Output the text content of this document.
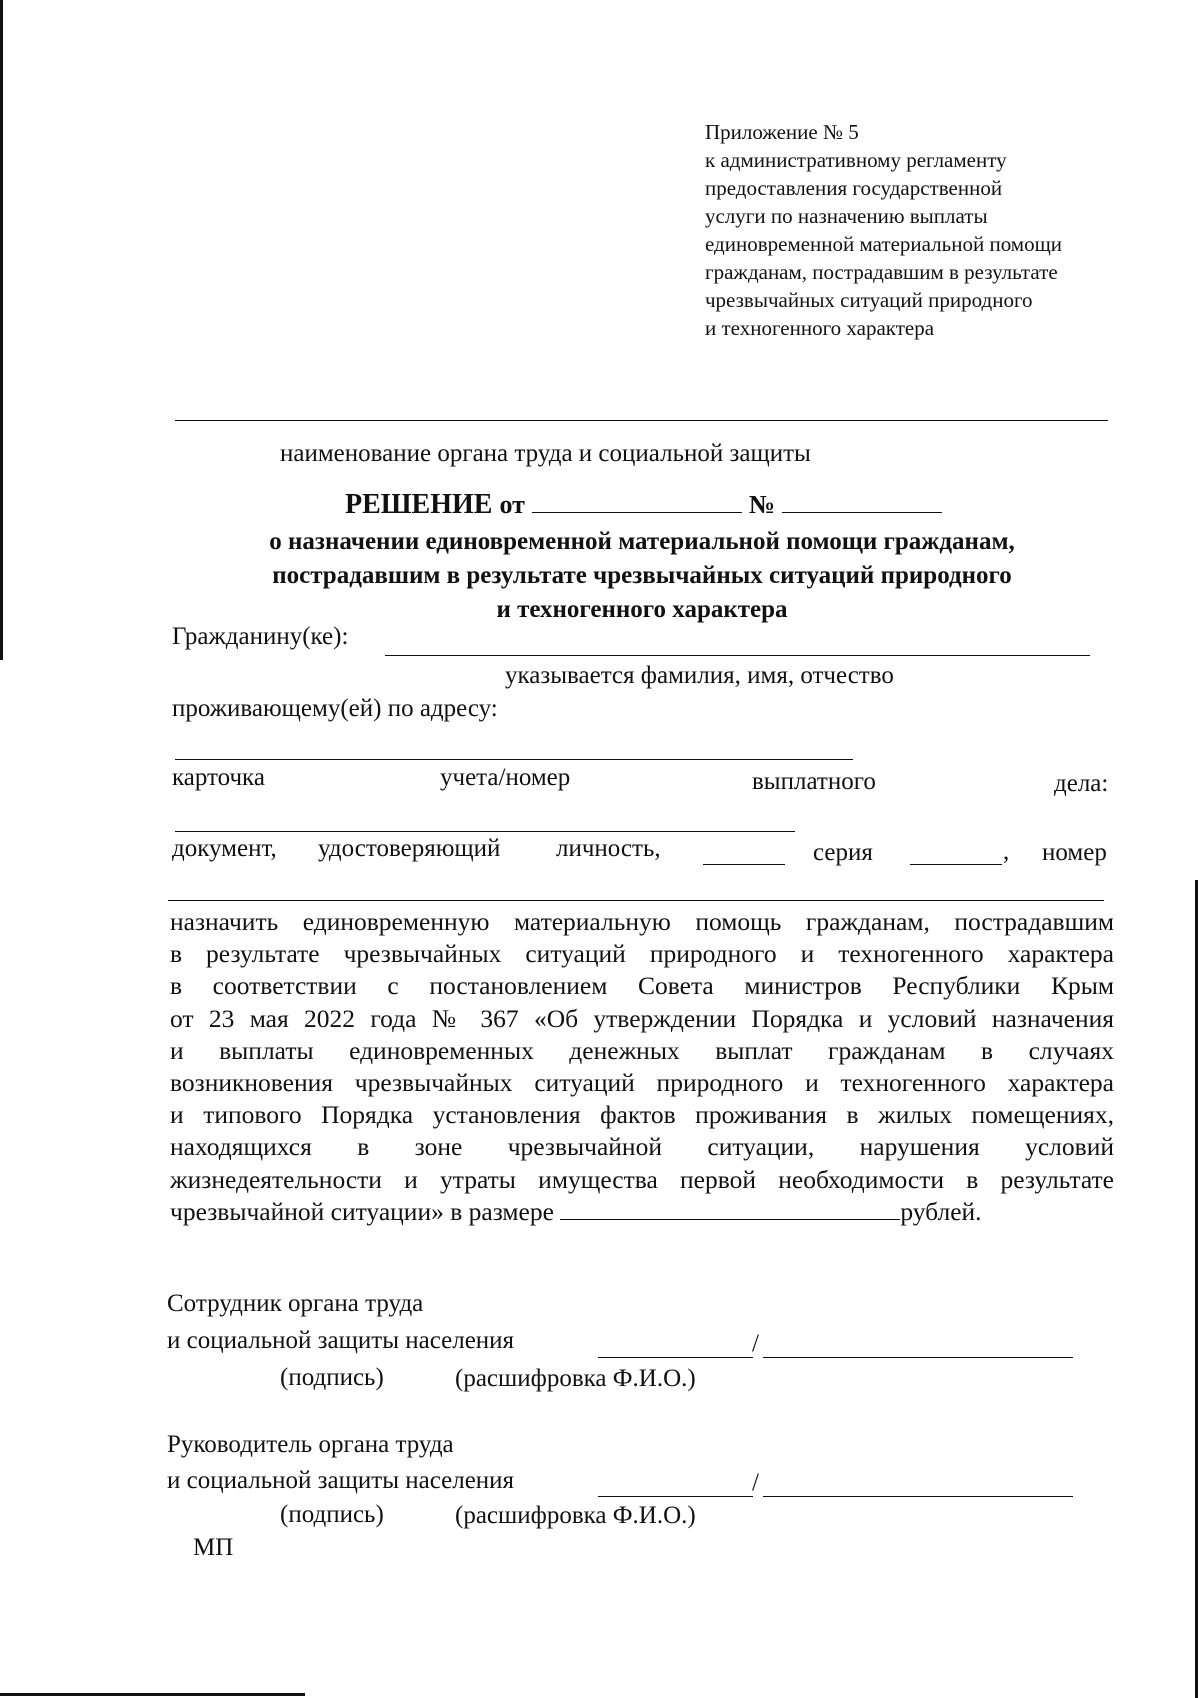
Приложение № 5
к административному регламенту
предоставления государственной
услуги по назначению выплаты
единовременной материальной помощи
гражданам, пострадавшим в результате
чрезвычайных ситуаций природного
и техногенного характера
наименование органа труда и социальной защиты
РЕШЕНИЕ от	№
о назначении единовременной материальной помощи гражданам,
пострадавшим в результате чрезвычайных ситуаций природного
и техногенного характера
Гражданину(ке):
указывается фамилия, имя, отчество
проживающему(ей) по адресу:
карточка	учета/номер	выплатного	дела:
документ, удостоверяющий личность,	серия	, номер
назначить единовременную материальную помощь гражданам, пострадавшим
в результате чрезвычайных ситуаций природного и техногенного характера
в соответствии с постановлением Совета министров Республики Крым
от 23 мая 2022 года № 367 «Об утверждении Порядка и условий назначения
и выплаты единовременных денежных выплат гражданам в случаях
возникновения чрезвычайных ситуаций природного и техногенного характера
и типового Порядка установления фактов проживания в жилых помещениях,
находящихся в зоне чрезвычайной ситуации, нарушения условий
жизнедеятельности и утраты имущества первой необходимости в результате
чрезвычайной ситуации» в размере	рублей.
Сотрудник органа труда
и социальной защиты населения	/
(подпись)	(расшифровка Ф.И.О.)
Руководитель органа труда
и социальной защиты населения	/
(подпись)	(расшифровка Ф.И.О.)
МП
